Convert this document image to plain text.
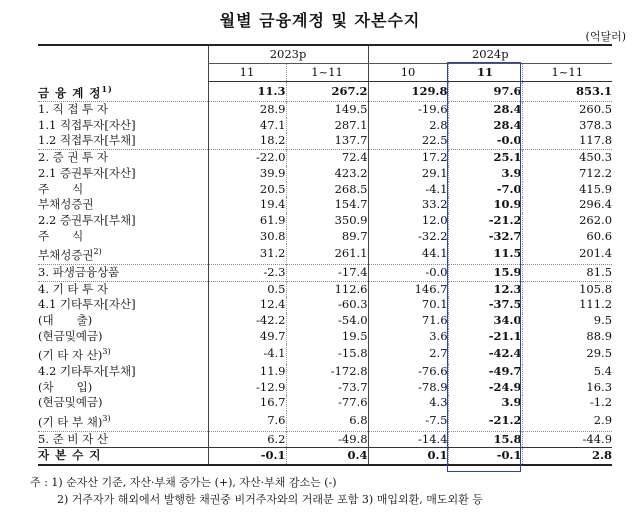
월별 금융계정 및 자본수지
(억달러)
	2023p		2024p		
	11	1~11	10	11	1~11
금 융 계 정$^{1)}$	11.3	267.2	129.8	97.6	853.1
1. 직 접 투 자	28.9	149.5	-19.6	28.4	260.5
1.1 직접투자[자산]	47.1	287.1	2.8	28.4	378.3
1.2 직접투자[부채]	18.2	137.7	22.5	-0.0	117.8
2. 증 권 투 자	-22.0	72.4	17.2	25.1	450.3
2.1 증권투자[자산]	39.9	423.2	29.1	3.9	712.2
주　　식	20.5	268.5	-4.1	-7.0	415.9
부채성증권	19.4	154.7	33.2	10.9	296.4
2.2 증권투자[부채]	61.9	350.9	12.0	-21.2	262.0
주　　식	30.8	89.7	-32.2	-32.7	60.6
부채성증권$^{2)}$	31.2	261.1	44.1	11.5	201.4
3. 파생금융상품	-2.3	-17.4	-0.0	15.9	81.5
4. 기 타 투 자	0.5	112.6	146.7	12.3	105.8
4.1 기타투자[자산]	12.4	-60.3	70.1	-37.5	111.2
(대　　출)	-42.2	-54.0	71.6	34.0	9.5
(현금및예금)	49.7	19.5	3.6	-21.1	88.9
(기 타 자 산)$^{3)}$	-4.1	-15.8	2.7	-42.4	29.5
4.2 기타투자[부채]	11.9	-172.8	-76.6	-49.7	5.4
(차　　입)	-12.9	-73.7	-78.9	-24.9	16.3
(현금및예금)	16.7	-77.6	4.3	3.9	-1.2
(기 타 부 채)$^{3)}$	7.6	6.8	-7.5	-21.2	2.9
5. 준 비 자 산	6.2	-49.8	-14.4	15.8	-44.9
자 본 수 지	-0.1	0.4	0.1	-0.1	2.8
주 : 1) 순자산 기준, 자산·부채 증가는 (+), 자산·부채 감소는 (-)
2) 거주자가 해외에서 발행한 채권중 비거주자와의 거래분 포함 3) 매입외환, 매도외환 등
